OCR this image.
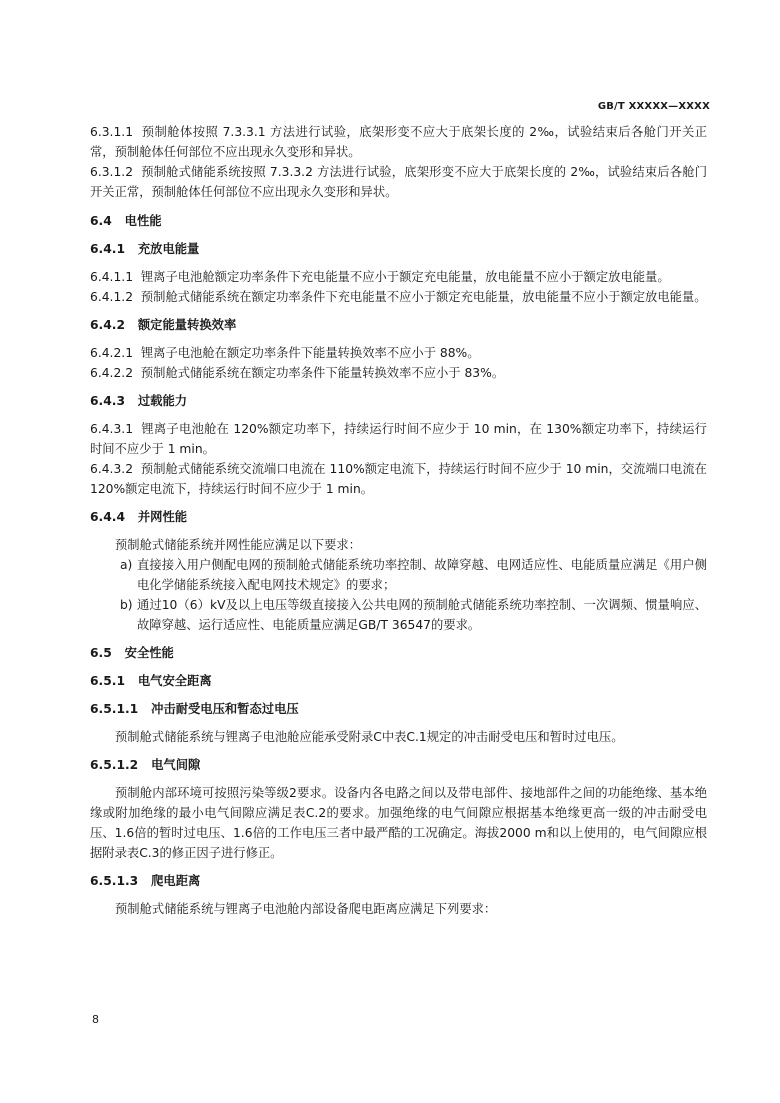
GB/T XXXXX—XXXX

6.3.1.1 预制舱体按照 7.3.3.1 方法进行试验，底架形变不应大于底架长度的 2‰，试验结束后各舱门开关正常，预制舱体任何部位不应出现永久变形和异状。

6.3.1.2 预制舱式储能系统按照 7.3.3.2 方法进行试验，底架形变不应大于底架长度的 2‰，试验结束后各舱门开关正常，预制舱体任何部位不应出现永久变形和异状。

6.4 电性能

6.4.1 充放电能量

6.4.1.1 锂离子电池舱额定功率条件下充电能量不应小于额定充电能量，放电能量不应小于额定放电能量。

6.4.1.2 预制舱式储能系统在额定功率条件下充电能量不应小于额定充电能量，放电能量不应小于额定放电能量。

6.4.2 额定能量转换效率

6.4.2.1 锂离子电池舱在额定功率条件下能量转换效率不应小于 88%。

6.4.2.2 预制舱式储能系统在额定功率条件下能量转换效率不应小于 83%。

6.4.3 过载能力

6.4.3.1 锂离子电池舱在 120%额定功率下，持续运行时间不应少于 10 min，在 130%额定功率下，持续运行时间不应少于 1 min。

6.4.3.2 预制舱式储能系统交流端口电流在 110%额定电流下，持续运行时间不应少于 10 min，交流端口电流在 120%额定电流下，持续运行时间不应少于 1 min。

6.4.4 并网性能

预制舱式储能系统并网性能应满足以下要求：

a) 直接接入用户侧配电网的预制舱式储能系统功率控制、故障穿越、电网适应性、电能质量应满足《用户侧电化学储能系统接入配电网技术规定》的要求；
b) 通过10（6）kV及以上电压等级直接接入公共电网的预制舱式储能系统功率控制、一次调频、惯量响应、故障穿越、运行适应性、电能质量应满足GB/T 36547的要求。

6.5 安全性能

6.5.1 电气安全距离

6.5.1.1 冲击耐受电压和暂态过电压

预制舱式储能系统与锂离子电池舱应能承受附录C中表C.1规定的冲击耐受电压和暂时过电压。

6.5.1.2 电气间隙

预制舱内部环境可按照污染等级2要求。设备内各电路之间以及带电部件、接地部件之间的功能绝缘、基本绝缘或附加绝缘的最小电气间隙应满足表C.2的要求。加强绝缘的电气间隙应根据基本绝缘更高一级的冲击耐受电压、1.6倍的暂时过电压、1.6倍的工作电压三者中最严酷的工况确定。海拔2000 m和以上使用的，电气间隙应根据附录表C.3的修正因子进行修正。

6.5.1.3 爬电距离

预制舱式储能系统与锂离子电池舱内部设备爬电距离应满足下列要求：

8
